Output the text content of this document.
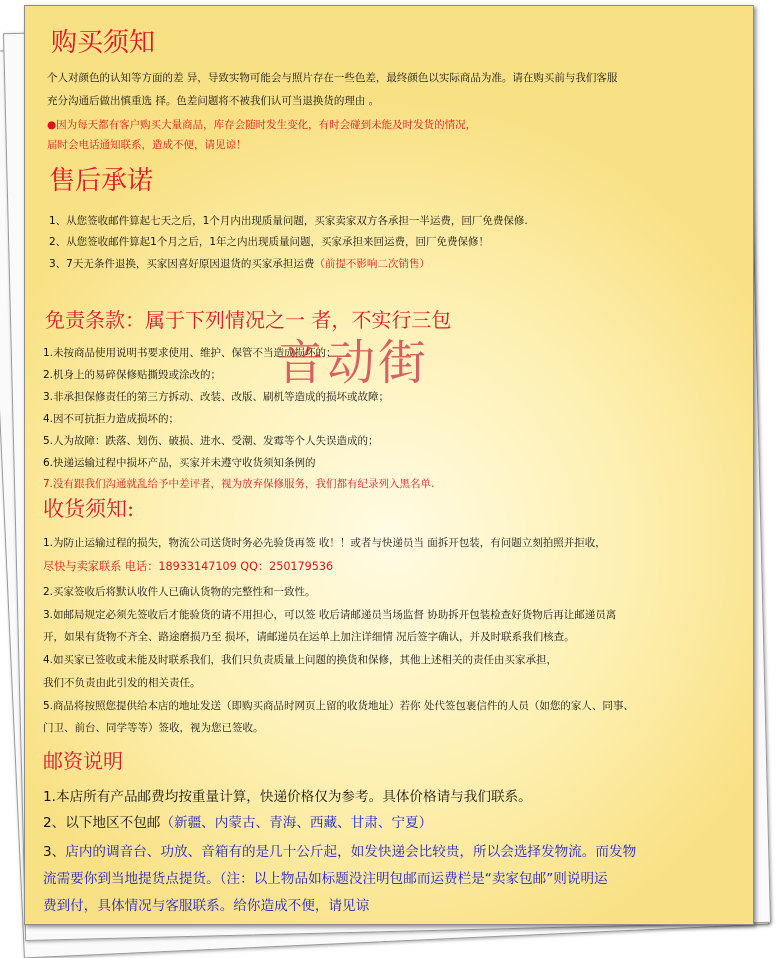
购买须知
个人对颜色的认知等方面的差 异，导致实物可能会与照片存在一些色差，最终颜色以实际商品为准。请在购买前与我们客服
充分沟通后做出慎重选 择。色差问题将不被我们认可当退换货的理由 。
●因为每天都有客户购买大量商品，库存会随时发生变化，有时会碰到未能及时发货的情况，
届时会电话通知联系，造成不便，请见谅！
售后承诺
1、从您签收邮件算起七天之后，1个月内出现质量问题，买家卖家双方各承担一半运费，回厂免费保修.
2、从您签收邮件算起1个月之后，1年之内出现质量问题，买家承担来回运费，回厂免费保修！
3、7天无条件退换，买家因喜好原因退货的买家承担运费（前提不影响二次销售）
免责条款：属于下列情况之一 者，不实行三包
1.未按商品使用说明书要求使用、维护、保管不当造成损坏的；
2.机身上的易碎保修贴撕毁或涂改的；
3.非承担保修责任的第三方拆动、改装、改版、刷机等造成的损坏或故障；
4.因不可抗拒力造成损坏的；
5.人为故障：跌落、划伤、破损、进水、受潮、发霉等个人失误造成的；
6.快递运输过程中损坏产品，买家并未遵守收货须知条例的
7.没有跟我们沟通就乱给予中差评者，视为放弃保修服务，我们都有纪录列入黑名单.
收货须知:
1.为防止运输过程的损失，物流公司送货时务必先验货再签 收！！或者与快递员当 面拆开包装，有问题立刻拍照并拒收，
尽快与卖家联系 电话：18933147109 QQ：250179536
2.买家签收后将默认收件人已确认货物的完整性和一致性。
3.如邮局规定必须先签收后才能验货的请不用担心，可以签 收后请邮递员当场监督 协助拆开包装检查好货物后再让邮递员离
开，如果有货物不齐全、路途磨损乃至 损坏，请邮递员在运单上加注详细情 况后签字确认，并及时联系我们核查。
4.如买家已签收或未能及时联系我们，我们只负责质量上问题的换货和保修，其他上述相关的责任由买家承担，
我们不负责由此引发的相关责任。
5.商品将按照您提供给本店的地址发送（即购买商品时网页上留的收货地址）若你 处代签包裹信件的人员（如您的家人、同事、
门卫、前台、同学等等）签收，视为您已签收。
邮资说明
1.本店所有产品邮费均按重量计算，快递价格仅为参考。具体价格请与我们联系。
2、以下地区不包邮（新疆、内蒙古、青海、西藏、甘肃、宁夏）
3、店内的调音台、功放、音箱有的是几十公斤起，如发快递会比较贵，所以会选择发物流。而发物
流需要你到当地提货点提货。（注：以上物品如标题没注明包邮而运费栏是“卖家包邮”则说明运
费到付，具体情况与客服联系。给你造成不便，请见谅
音动街
